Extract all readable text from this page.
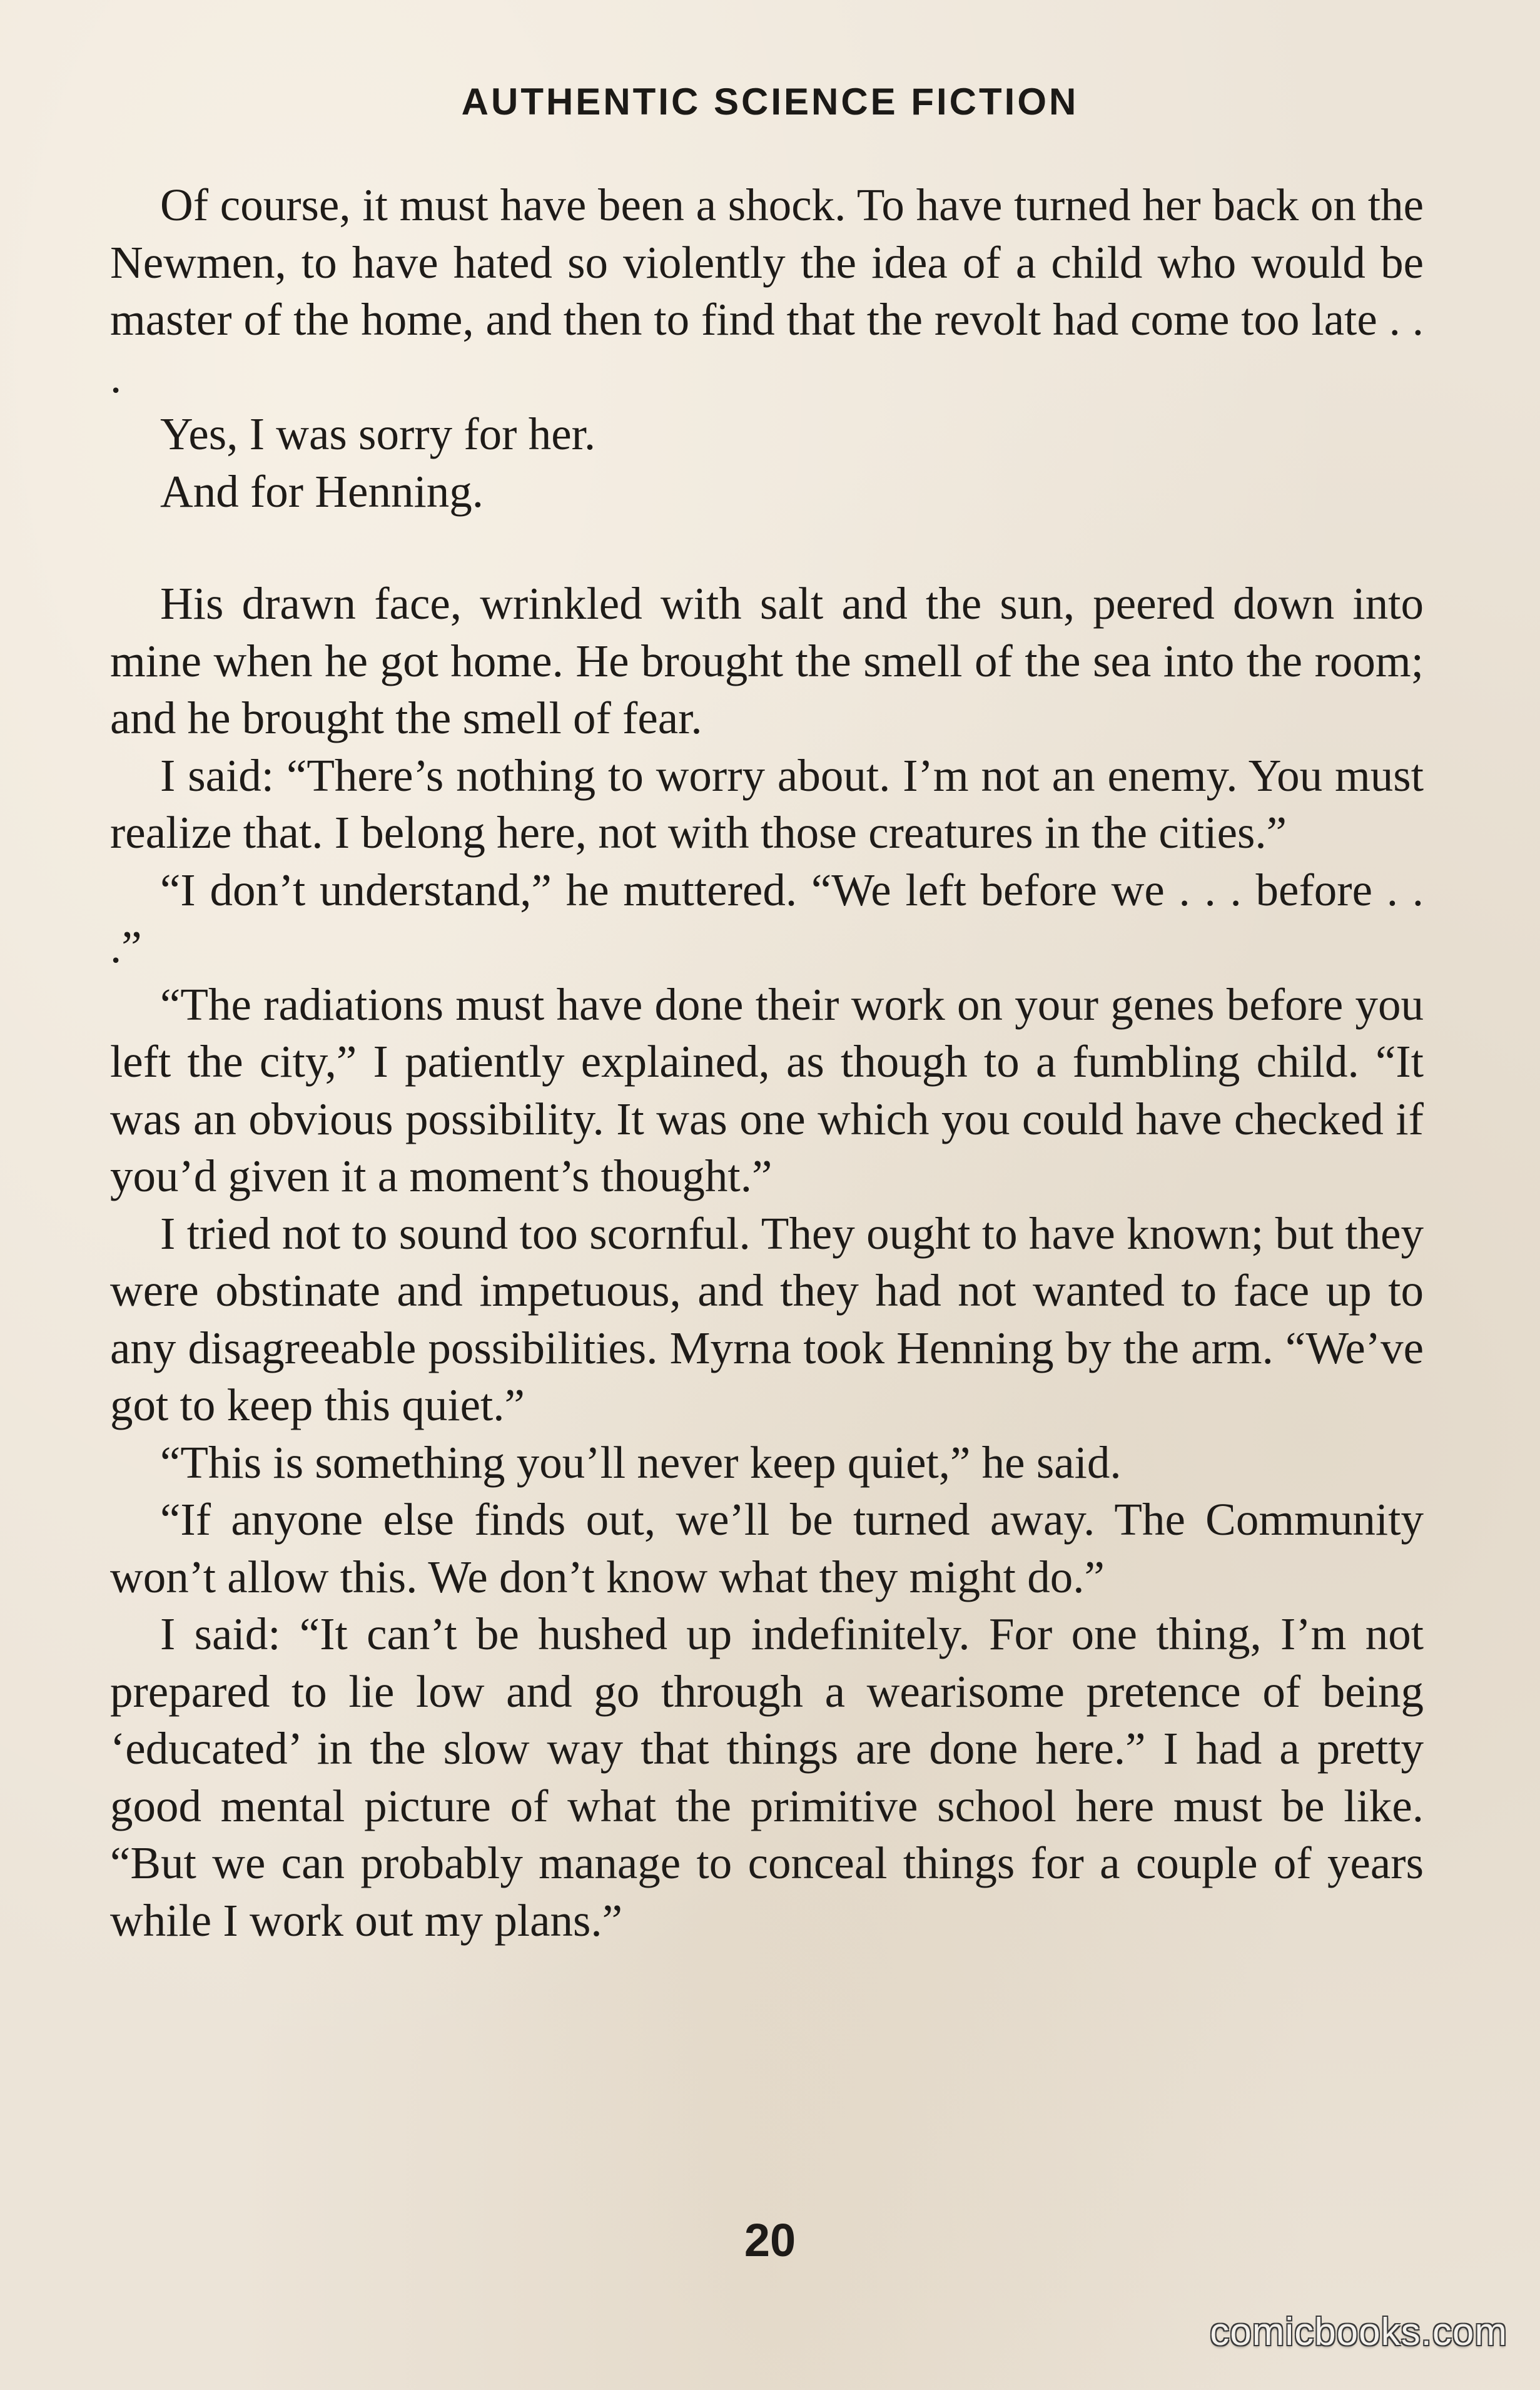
AUTHENTIC SCIENCE FICTION

Of course, it must have been a shock. To have turned her back on the Newmen, to have hated so violently the idea of a child who would be master of the home, and then to find that the revolt had come too late . . .

Yes, I was sorry for her.

And for Henning.

His drawn face, wrinkled with salt and the sun, peered down into mine when he got home. He brought the smell of the sea into the room; and he brought the smell of fear.

I said: “There’s nothing to worry about. I’m not an enemy. You must realize that. I belong here, not with those creatures in the cities.”

“I don’t understand,” he muttered. “We left before we . . . before . . .”

“The radiations must have done their work on your genes before you left the city,” I patiently explained, as though to a fumbling child. “It was an obvious possibility. It was one which you could have checked if you’d given it a moment’s thought.”

I tried not to sound too scornful. They ought to have known; but they were obstinate and impetuous, and they had not wanted to face up to any disagreeable possibilities. Myrna took Henning by the arm. “We’ve got to keep this quiet.”

“This is something you’ll never keep quiet,” he said.

“If anyone else finds out, we’ll be turned away. The Community won’t allow this. We don’t know what they might do.”

I said: “It can’t be hushed up indefinitely. For one thing, I’m not prepared to lie low and go through a wearisome pretence of being ‘educated’ in the slow way that things are done here.” I had a pretty good mental picture of what the primitive school here must be like. “But we can probably manage to conceal things for a couple of years while I work out my plans.”

20
comicbooks.com
